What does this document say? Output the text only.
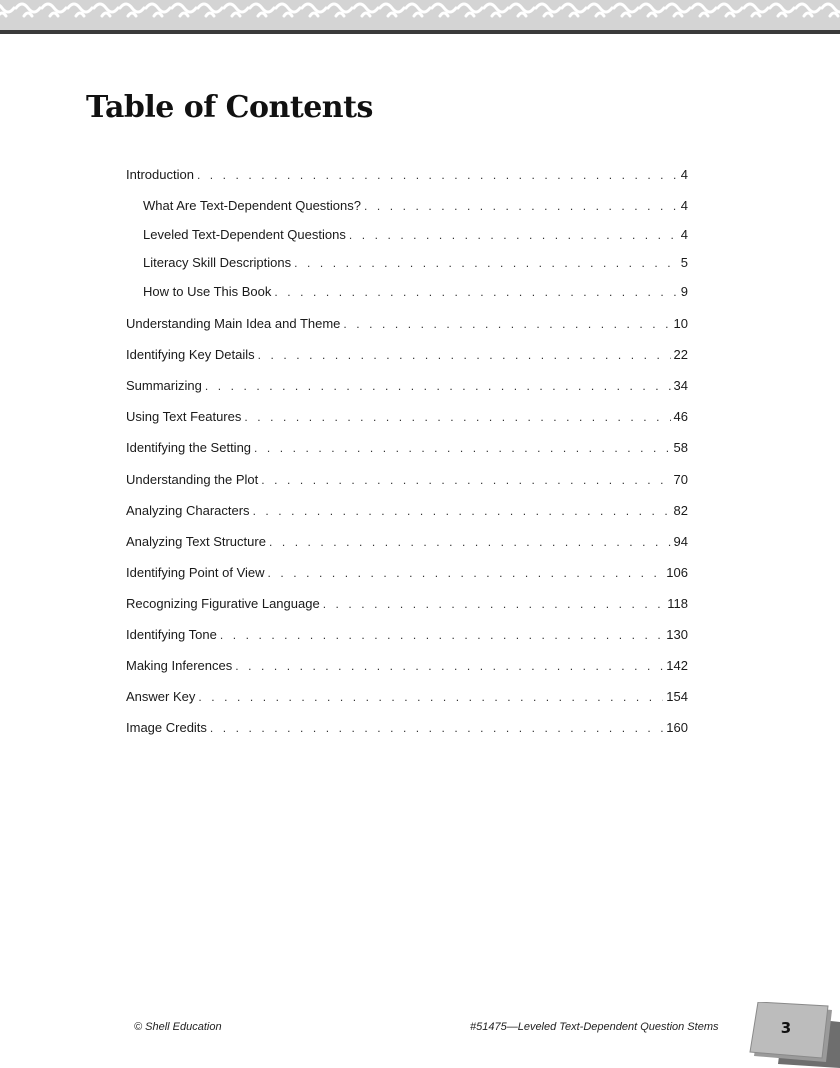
Table of Contents
Introduction . . .	4
What Are Text-Dependent Questions? . . .	4
Leveled Text-Dependent Questions . . .	4
Literacy Skill Descriptions . . .	5
How to Use This Book . . .	9
Understanding Main Idea and Theme . . .	10
Identifying Key Details . . .	22
Summarizing . . .	34
Using Text Features . . .	46
Identifying the Setting . . .	58
Understanding the Plot . . .	70
Analyzing Characters . . .	82
Analyzing Text Structure . . .	94
Identifying Point of View . . .	106
Recognizing Figurative Language . . .	118
Identifying Tone . . .	130
Making Inferences . . .	142
Answer Key . . .	154
Image Credits . . .	160
© Shell Education	#51475—Leveled Text-Dependent Question Stems	3
